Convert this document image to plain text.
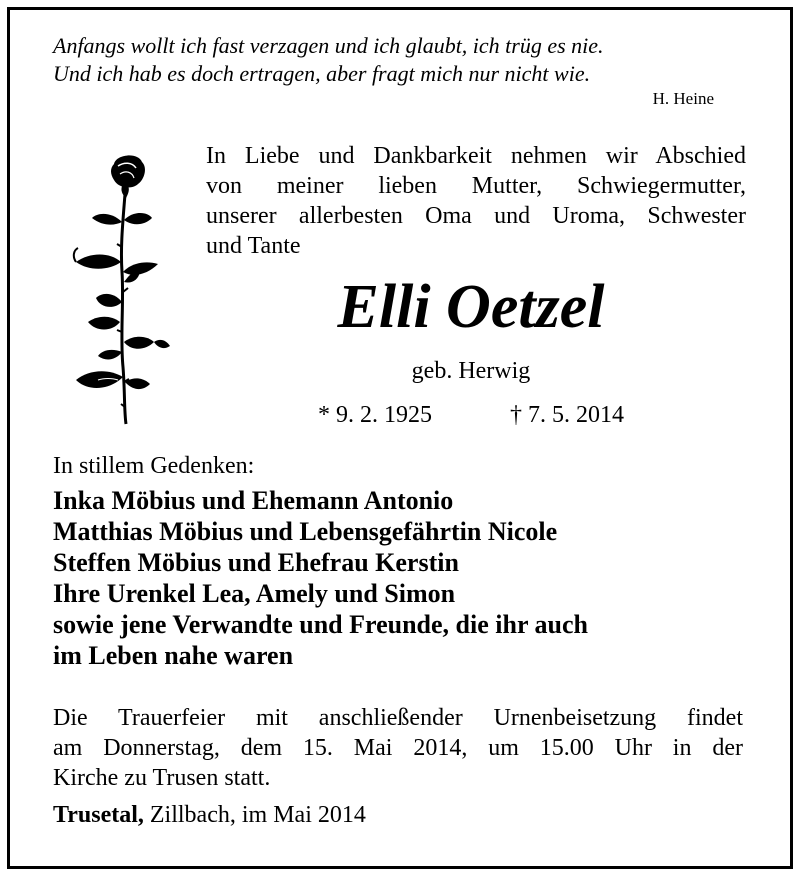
Anfangs wollt ich fast verzagen und ich glaubt, ich trüg es nie.
Und ich hab es doch ertragen, aber fragt mich nur nicht wie.
H. Heine
In Liebe und Dankbarkeit nehmen wir Abschied
von meiner lieben Mutter, Schwiegermutter,
unserer allerbesten Oma und Uroma, Schwester
und Tante
Elli Oetzel
geb. Herwig
* 9. 2. 1925	† 7. 5. 2014
In stillem Gedenken:
Inka Möbius und Ehemann Antonio
Matthias Möbius und Lebensgefährtin Nicole
Steffen Möbius und Ehefrau Kerstin
Ihre Urenkel Lea, Amely und Simon
sowie jene Verwandte und Freunde, die ihr auch
im Leben nahe waren
Die Trauerfeier mit anschließender Urnenbeisetzung findet
am Donnerstag, dem 15. Mai 2014, um 15.00 Uhr in der
Kirche zu Trusen statt.
Trusetal, Zillbach, im Mai 2014
